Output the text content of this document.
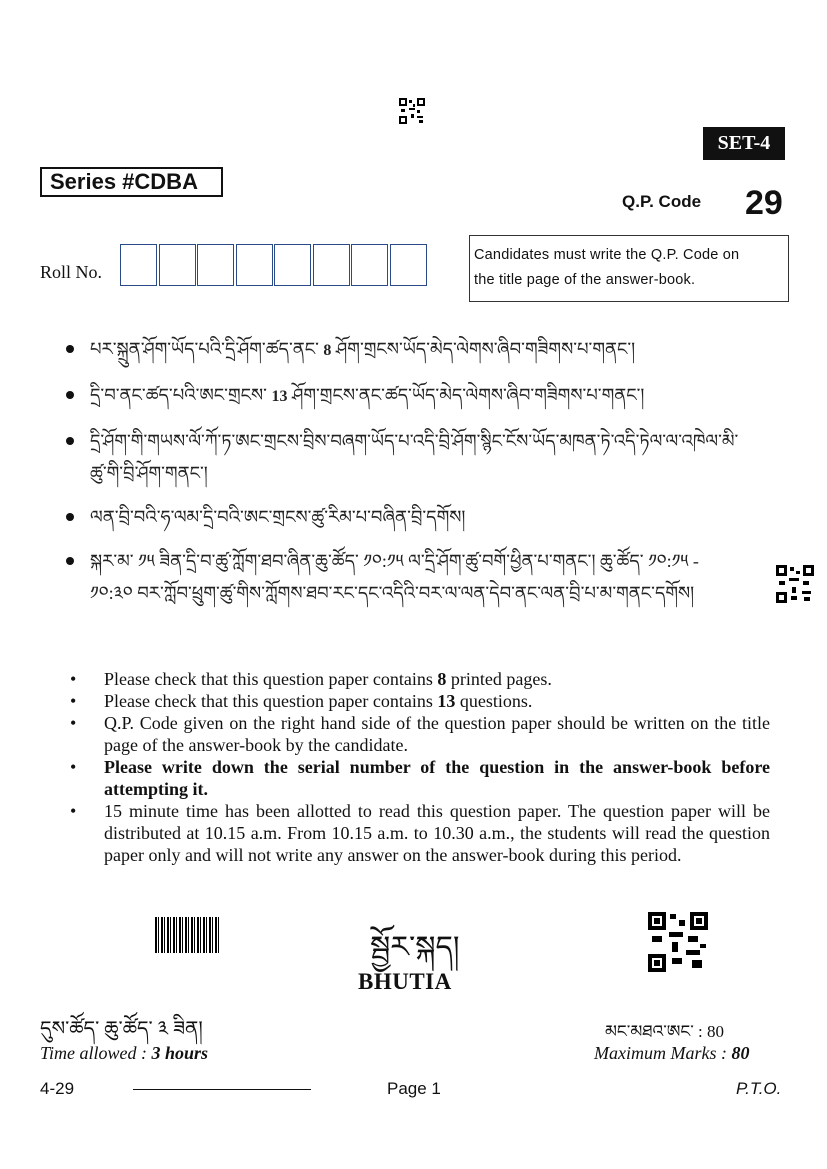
SET-4
Series #CDBA
Q.P. Code 29
Roll No.
Candidates must write the Q.P. Code on
the title page of the answer-book.
པར་སྐྲུན་ཤོག་ཡོད་པའི་དྲི་ཤོག་ཚད་ནང་ 8 ཤོག་གྲངས་ཡོད་མེད་ལེགས་ཞིབ་གཟིགས་པ་གནང་།
དྲི་བ་ནང་ཚད་པའི་ཨང་གྲངས་ 13 ཤོག་གྲངས་ནང་ཚད་ཡོད་མེད་ལེགས་ཞིབ་གཟིགས་པ་གནང་།
དྲི་ཤོག་གི་གཡས་ལོ་ཀོ་ཏ་ཨང་གྲངས་བྲིས་བཞག་ཡོད་པ་འདི་བྲི་ཤོག་སྙིང་ངོས་ཡོད་མཁན་ཏེ་འདི་ཏེལ་ལ་འཁེལ་མི་ཚུ་གི་བྲི་ཤོག་གནང་།
ལན་བྲི་བའི་ཧ་ལམ་དྲི་བའི་ཨང་གྲངས་ཚུ་རིམ་པ་བཞིན་བྲི་དགོས།
སྐར་མ་ ༡༥ ཟིན་དྲི་བ་ཚུ་ཀློག་ཐབ་ཞིན་ཆུ་ཚོད་ ༡༠:༡༥ ལ་དྲི་ཤོག་ཚུ་བགོ་ཕྱིན་པ་གནང་། ཆུ་ཚོད་ ༡༠:༡༥ - ༡༠:༣༠ བར་ཀློབ་ཕྲུག་ཚུ་གིས་ཀློགས་ཐབ་རང་དང་འདིའི་བར་ལ་ལན་དེབ་ནང་ལན་བྲི་པ་མ་གནང་དགོས།
• Please check that this question paper contains 8 printed pages.
• Please check that this question paper contains 13 questions.
• Q.P. Code given on the right hand side of the question paper should be written on the title page of the answer-book by the candidate.
• Please write down the serial number of the question in the answer-book before attempting it.
• 15 minute time has been allotted to read this question paper. The question paper will be distributed at 10.15 a.m. From 10.15 a.m. to 10.30 a.m., the students will read the question paper only and will not write any answer on the answer-book during this period.
སྦྱོར་སྐད།
BHUTIA
དུས་ཚོད་ ཆུ་ཚོད་ ༣ ཟིན།	མང་མཐའ་ཨང་ : 80
Time allowed : 3 hours	Maximum Marks : 80
4-29	Page 1	P.T.O.
